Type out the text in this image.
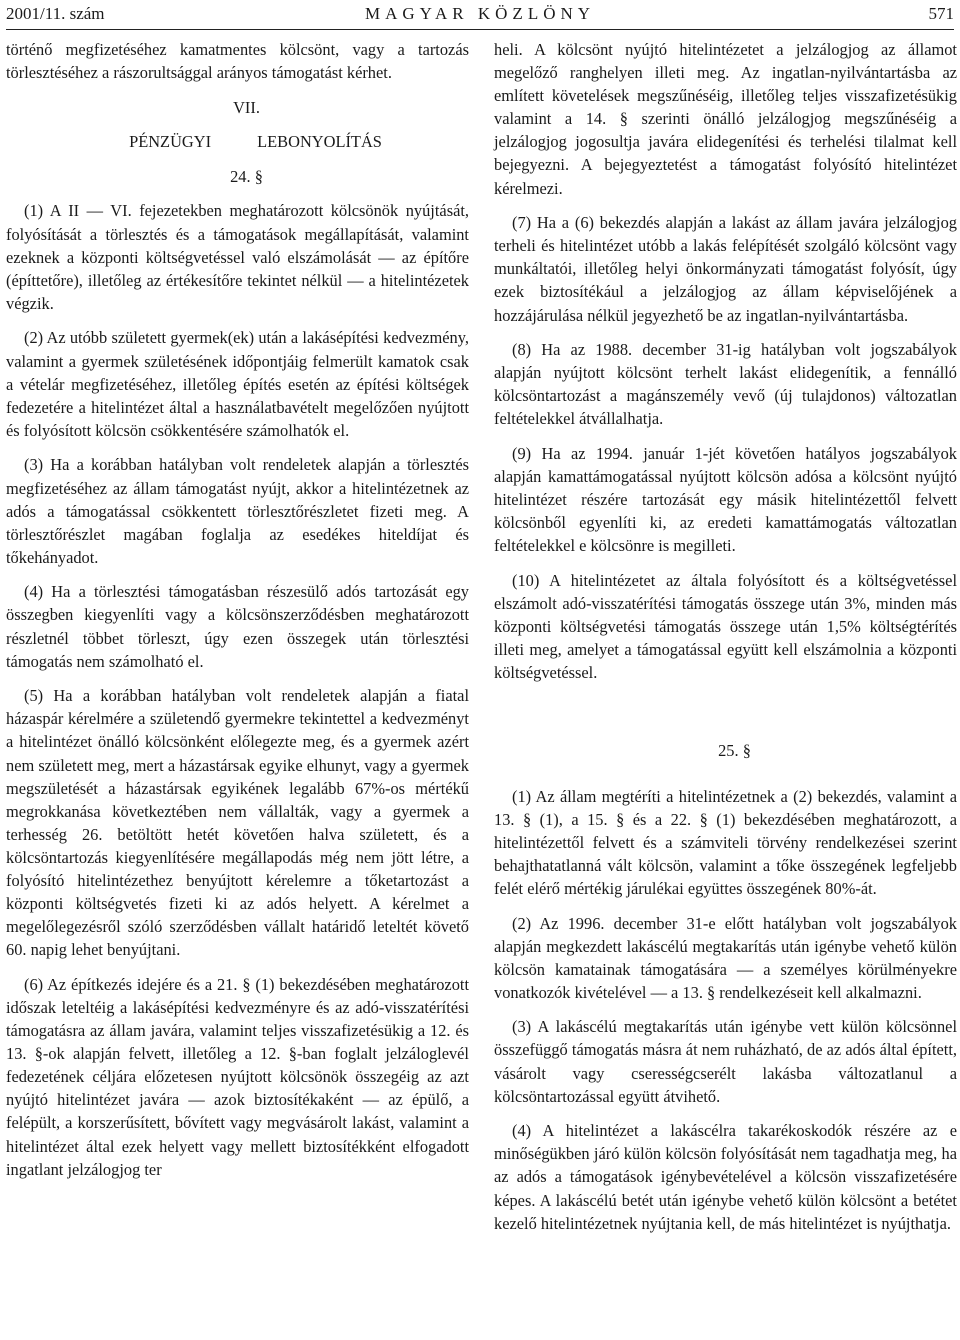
2001/11. szám	MAGYAR KÖZLÖNY	571

történő megfizetéséhez kamatmentes kölcsönt, vagy a tartozás törlesztéséhez a rászorultsággal arányos támogatást kérhet.

VII.

PÉNZÜGYI	LEBONYOLÍTÁS

24. §

(1) A II — VI. fejezetekben meghatározott kölcsönök nyújtását, folyósítását a törlesztés és a támogatások megállapítását, valamint ezeknek a központi költségvetéssel való elszámolását — az építőre (építtetőre), illetőleg az értékesítőre tekintet nélkül — a hitelintézetek végzik.

(2) Az utóbb született gyermek(ek) után a lakásépítési kedvezmény, valamint a gyermek születésének időpontjáig felmerült kamatok csak a vételár megfizetéséhez, illetőleg építés esetén az építési költségek fedezetére a hitelintézet által a használatbavételt megelőzően nyújtott és folyósított kölcsön csökkentésére számolhatók el.

(3) Ha a korábban hatályban volt rendeletek alapján a törlesztés megfizetéséhez az állam támogatást nyújt, akkor a hitelintézetnek az adós a támogatással csökkentett törlesztőrészletet fizeti meg. A törlesztőrészlet magában foglalja az esedékes hiteldíjat és tőkehányadot.

(4) Ha a törlesztési támogatásban részesülő adós tartozását egy összegben kiegyenlíti vagy a kölcsönszerződésben meghatározott részletnél többet törleszt, úgy ezen összegek után törlesztési támogatás nem számolható el.

(5) Ha a korábban hatályban volt rendeletek alapján a fiatal házaspár kérelmére a születendő gyermekre tekintettel a kedvezményt a hitelintézet önálló kölcsönként előlegezte meg, és a gyermek azért nem született meg, mert a házastársak egyike elhunyt, vagy a gyermek megszületését a házastársak egyikének legalább 67%-os mértékű megrokkanása következtében nem vállalták, vagy a gyermek a terhesség 26. betöltött hetét követően halva született, és a kölcsöntartozás kiegyenlítésére megállapodás még nem jött létre, a folyósító hitelintézethez benyújtott kérelemre a tőketartozást a központi költségvetés fizeti ki az adós helyett. A kérelmet a megelőlegezésről szóló szerződésben vállalt határidő leteltét követő 60. napig lehet benyújtani.

(6) Az építkezés idejére és a 21. § (1) bekezdésében meghatározott időszak leteltéig a lakásépítési kedvezményre és az adó-visszatérítési támogatásra az állam javára, valamint teljes visszafizetésükig a 12. és 13. §-ok alapján felvett, illetőleg a 12. §-ban foglalt jelzáloglevél fedezetének céljára előzetesen nyújtott kölcsönök összegéig az azt nyújtó hitelintézet javára — azok biztosítékaként — az épülő, a felépült, a korszerűsített, bővített vagy megvásárolt lakást, valamint a hitelintézet által ezek helyett vagy mellett biztosítékként elfogadott ingatlant jelzálogjog ter

heli. A kölcsönt nyújtó hitelintézetet a jelzálogjog az államot megelőző ranghelyen illeti meg. Az ingatlan-nyilvántartásba az említett követelések megszűnéséig, illetőleg teljes visszafizetésükig valamint a 14. § szerinti önálló jelzálogjog megszűnéséig a jelzálogjog jogosultja javára elidegenítési és terhelési tilalmat kell bejegyezni. A bejegyeztetést a támogatást folyósító hitelintézet kérelmezi.

(7) Ha a (6) bekezdés alapján a lakást az állam javára jelzálogjog terheli és hitelintézet utóbb a lakás felépítését szolgáló kölcsönt vagy munkáltatói, illetőleg helyi önkormányzati támogatást folyósít, úgy ezek biztosítékául a jelzálogjog az állam képviselőjének a hozzájárulása nélkül jegyezhető be az ingatlan-nyilvántartásba.

(8) Ha az 1988. december 31-ig hatályban volt jogszabályok alapján nyújtott kölcsönt terhelt lakást elidegenítik, a fennálló kölcsöntartozást a magánszemély vevő (új tulajdonos) változatlan feltételekkel átvállalhatja.

(9) Ha az 1994. január 1-jét követően hatályos jogszabályok alapján kamattámogatással nyújtott kölcsön adósa a kölcsönt nyújtó hitelintézet részére tartozását egy másik hitelintézettől felvett kölcsönből egyenlíti ki, az eredeti kamattámogatás változatlan feltételekkel e kölcsönre is megilleti.

(10) A hitelintézetet az általa folyósított és a költségvetéssel elszámolt adó-visszatérítési támogatás összege után 3%, minden más központi költségvetési támogatás összege után 1,5% költségtérítés illeti meg, amelyet a támogatással együtt kell elszámolnia a központi költségvetéssel.

25. §

(1) Az állam megtéríti a hitelintézetnek a (2) bekezdés, valamint a 13. § (1), a 15. § és a 22. § (1) bekezdésében meghatározott, a hitelintézettől felvett és a számviteli törvény rendelkezései szerint behajthatatlanná vált kölcsön, valamint a tőke összegének legfeljebb felét elérő mértékig járulékai együttes összegének 80%-át.

(2) Az 1996. december 31-e előtt hatályban volt jogszabályok alapján megkezdett lakáscélú megtakarítás után igénybe vehető külön kölcsön kamatainak támogatására — a személyes körülményekre vonatkozók kivételével — a 13. § rendelkezéseit kell alkalmazni.

(3) A lakáscélú megtakarítás után igénybe vett külön kölcsönnel összefüggő támogatás másra át nem ruházható, de az adós által épített, vásárolt vagy cserességcserélt lakásba változatlanul a kölcsöntartozással együtt átvihető.

(4) A hitelintézet a lakáscélra takarékoskodók részére az e minőségükben járó külön kölcsön folyósítását nem tagadhatja meg, ha az adós a támogatások igénybevételével a kölcsön visszafizetésére képes. A lakáscélú betét után igénybe vehető külön kölcsönt a betétet kezelő hitelintézetnek nyújtania kell, de más hitelintézet is nyújthatja.
